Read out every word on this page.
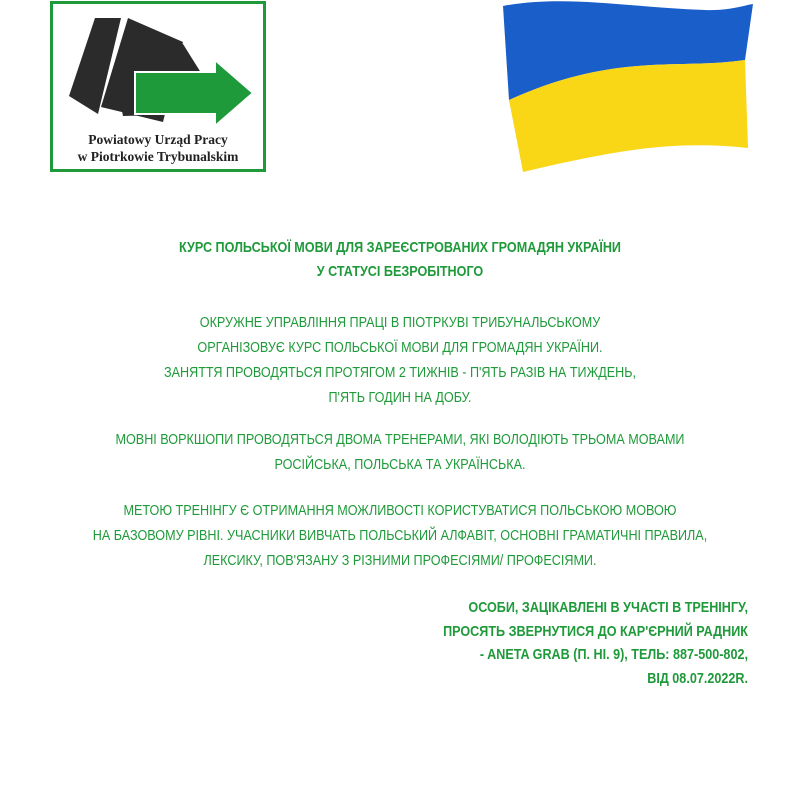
Powiatowy Urząd Pracy
w Piotrkowie Trybunalskim
КУРС ПОЛЬСЬКОЇ МОВИ ДЛЯ ЗАРЕЄСТРОВАНИХ ГРОМАДЯН УКРАЇНИ
У СТАТУСІ БЕЗРОБІТНОГО
ОКРУЖНЕ УПРАВЛІННЯ ПРАЦІ В ПІОТРКУВІ ТРИБУНАЛЬСЬКОМУ
ОРГАНІЗОВУЄ КУРС ПОЛЬСЬКОЇ МОВИ ДЛЯ ГРОМАДЯН УКРАЇНИ.
ЗАНЯТТЯ ПРОВОДЯТЬСЯ ПРОТЯГОМ 2 ТИЖНІВ - П'ЯТЬ РАЗІВ НА ТИЖДЕНЬ,
П'ЯТЬ ГОДИН НА ДОБУ.
МОВНІ ВОРКШОПИ ПРОВОДЯТЬСЯ ДВОМА ТРЕНЕРАМИ, ЯКІ ВОЛОДІЮТЬ ТРЬОМА МОВАМИ
РОСІЙСЬКА, ПОЛЬСЬКА ТА УКРАЇНСЬКА.
МЕТОЮ ТРЕНІНГУ Є ОТРИМАННЯ МОЖЛИВОСТІ КОРИСТУВАТИСЯ ПОЛЬСЬКОЮ МОВОЮ
НА БАЗОВОМУ РІВНІ. УЧАСНИКИ ВИВЧАТЬ ПОЛЬСЬКИЙ АЛФАВІТ, ОСНОВНІ ГРАМАТИЧНІ ПРАВИЛА,
ЛЕКСИКУ, ПОВ'ЯЗАНУ З РІЗНИМИ ПРОФЕСІЯМИ/ ПРОФЕСІЯМИ.
ОСОБИ, ЗАЦІКАВЛЕНІ В УЧАСТІ В ТРЕНІНГУ,
ПРОСЯТЬ ЗВЕРНУТИСЯ ДО КАР'ЄРНИЙ РАДНИК
- ANETA GRAB (П. НІ. 9), ТЕЛЬ: 887-500-802,
ВІД 08.07.2022R.
